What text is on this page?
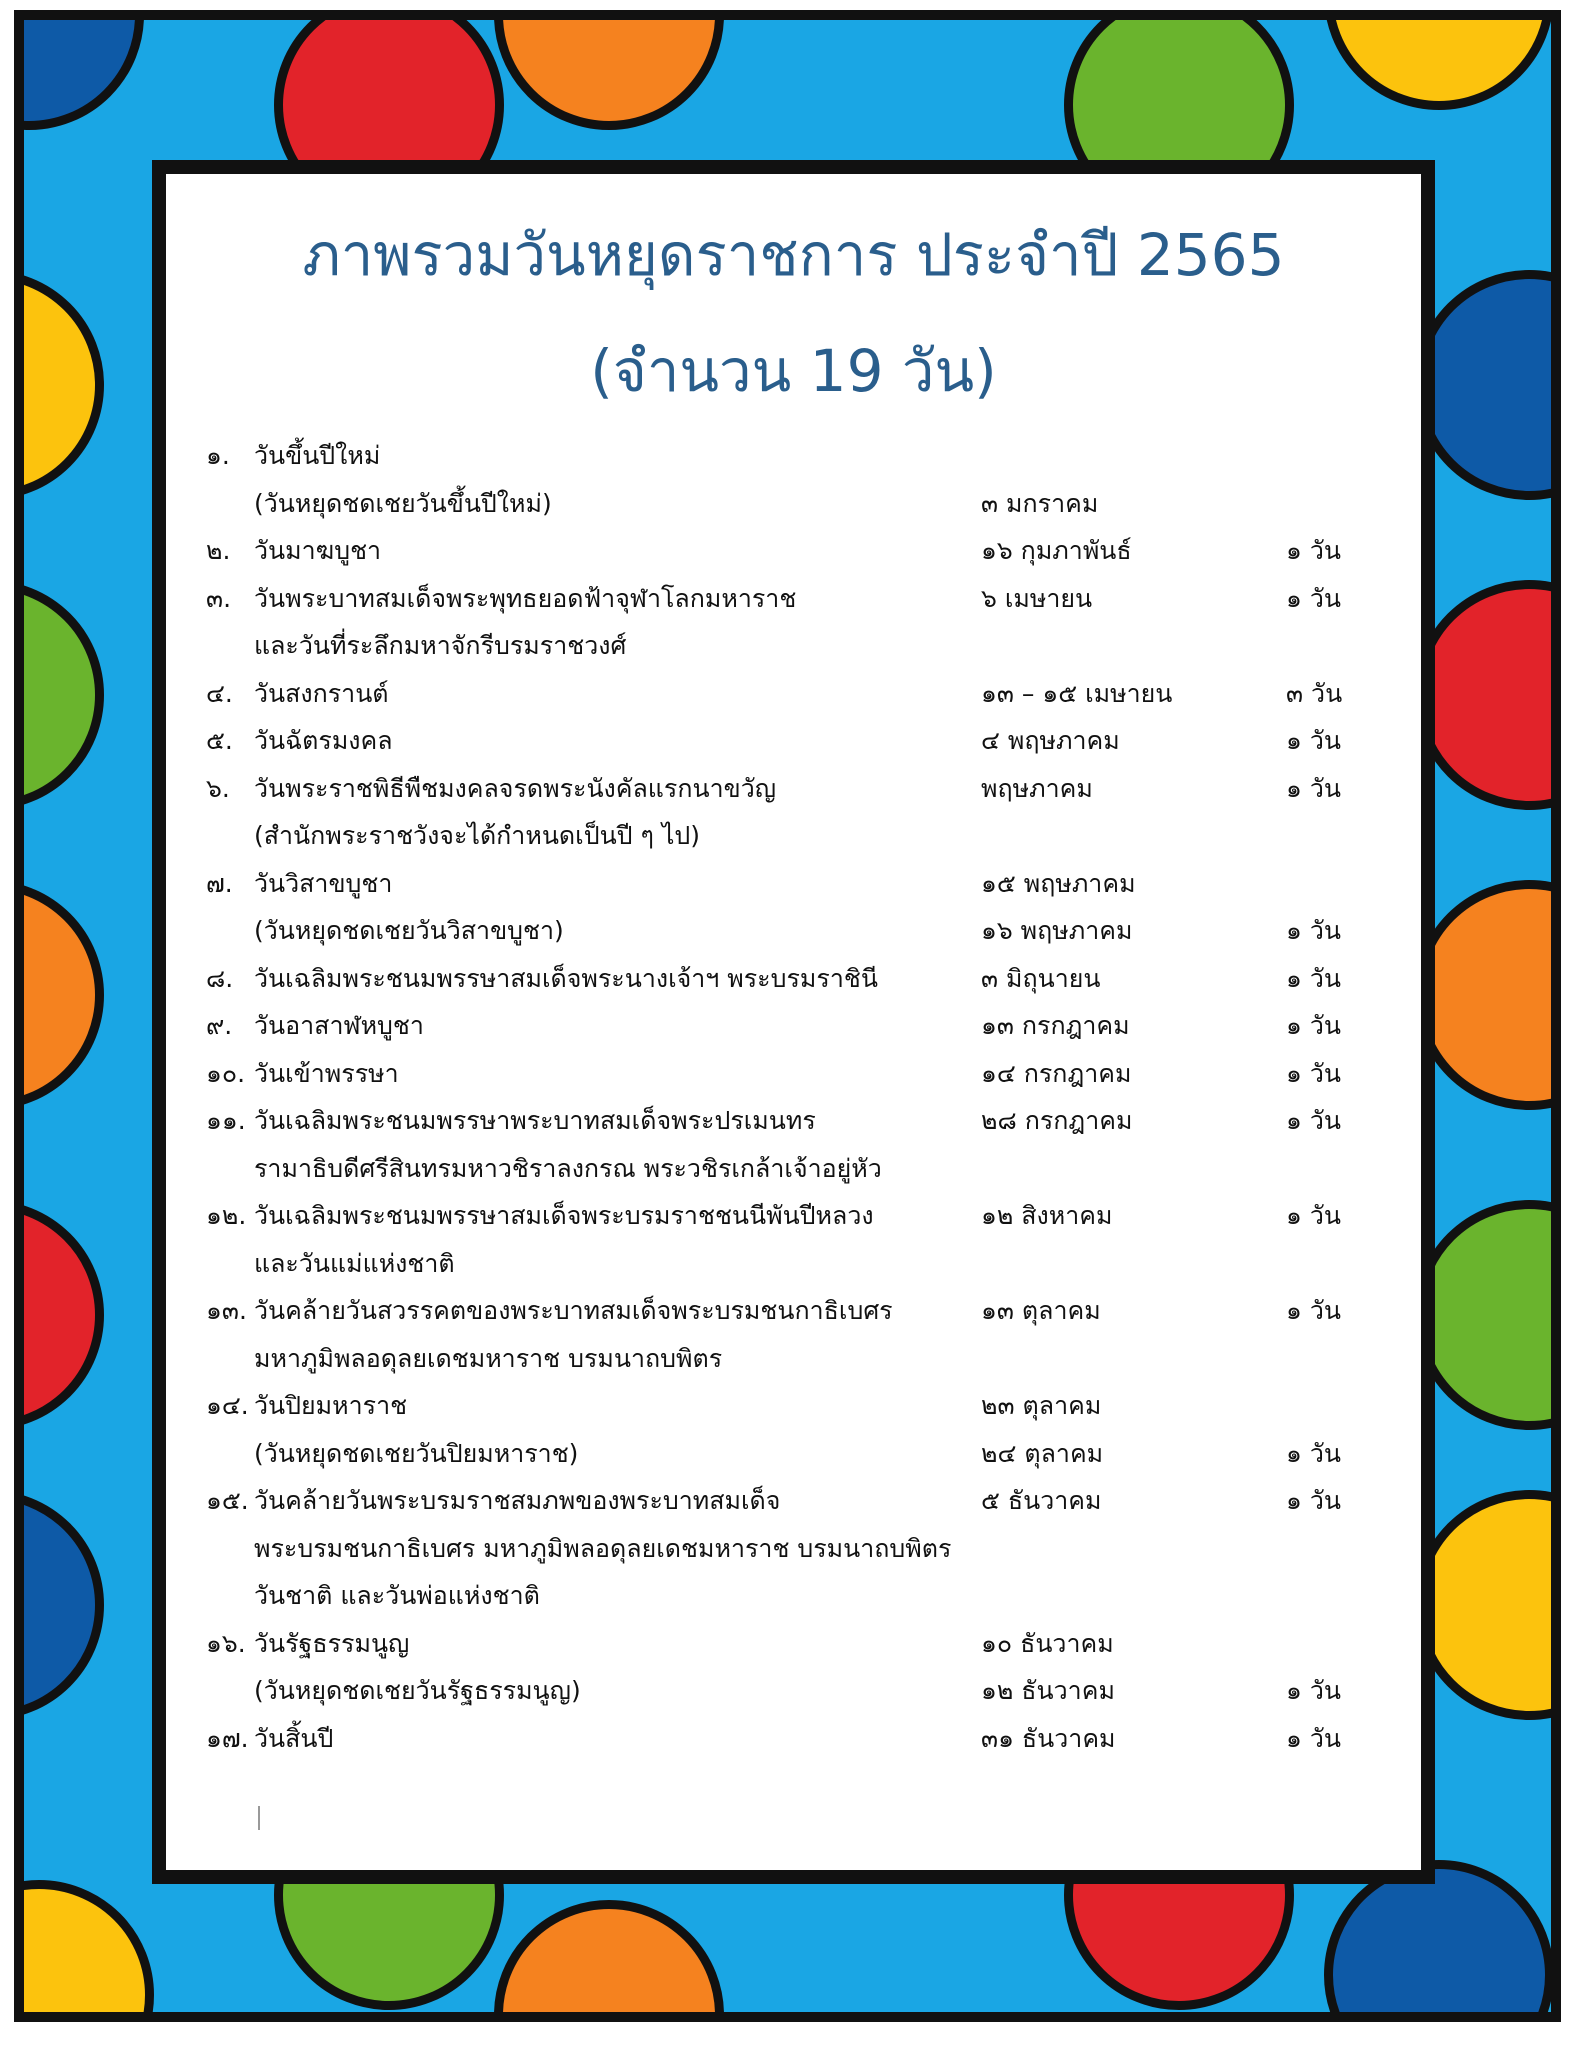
ภาพรวมวันหยุดราชการ ประจำปี 2565
(จำนวน 19 วัน)
๑. วันขึ้นปีใหม่
(วันหยุดชดเชยวันขึ้นปีใหม่)	๓ มกราคม
๒. วันมาฆบูชา	๑๖ กุมภาพันธ์	๑ วัน
๓. วันพระบาทสมเด็จพระพุทธยอดฟ้าจุฬาโลกมหาราช	๖ เมษายน	๑ วัน
และวันที่ระลึกมหาจักรีบรมราชวงศ์
๔. วันสงกรานต์	๑๓ – ๑๕ เมษายน	๓ วัน
๕. วันฉัตรมงคล	๔ พฤษภาคม	๑ วัน
๖. วันพระราชพิธีพืชมงคลจรดพระนังคัลแรกนาขวัญ	พฤษภาคม	๑ วัน
(สำนักพระราชวังจะได้กำหนดเป็นปี ๆ ไป)
๗. วันวิสาขบูชา	๑๕ พฤษภาคม
(วันหยุดชดเชยวันวิสาขบูชา)	๑๖ พฤษภาคม	๑ วัน
๘. วันเฉลิมพระชนมพรรษาสมเด็จพระนางเจ้าฯ พระบรมราชินี	๓ มิถุนายน	๑ วัน
๙. วันอาสาฬหบูชา	๑๓ กรกฎาคม	๑ วัน
๑๐. วันเข้าพรรษา	๑๔ กรกฎาคม	๑ วัน
๑๑. วันเฉลิมพระชนมพรรษาพระบาทสมเด็จพระปรเมนทร	๒๘ กรกฎาคม	๑ วัน
รามาธิบดีศรีสินทรมหาวชิราลงกรณ พระวชิรเกล้าเจ้าอยู่หัว
๑๒. วันเฉลิมพระชนมพรรษาสมเด็จพระบรมราชชนนีพันปีหลวง	๑๒ สิงหาคม	๑ วัน
และวันแม่แห่งชาติ
๑๓. วันคล้ายวันสวรรคตของพระบาทสมเด็จพระบรมชนกาธิเบศร	๑๓ ตุลาคม	๑ วัน
มหาภูมิพลอดุลยเดชมหาราช บรมนาถบพิตร
๑๔. วันปิยมหาราช	๒๓ ตุลาคม
(วันหยุดชดเชยวันปิยมหาราช)	๒๔ ตุลาคม	๑ วัน
๑๕. วันคล้ายวันพระบรมราชสมภพของพระบาทสมเด็จ	๕ ธันวาคม	๑ วัน
พระบรมชนกาธิเบศร มหาภูมิพลอดุลยเดชมหาราช บรมนาถบพิตร
วันชาติ และวันพ่อแห่งชาติ
๑๖. วันรัฐธรรมนูญ	๑๐ ธันวาคม
(วันหยุดชดเชยวันรัฐธรรมนูญ)	๑๒ ธันวาคม	๑ วัน
๑๗. วันสิ้นปี	๓๑ ธันวาคม	๑ วัน
